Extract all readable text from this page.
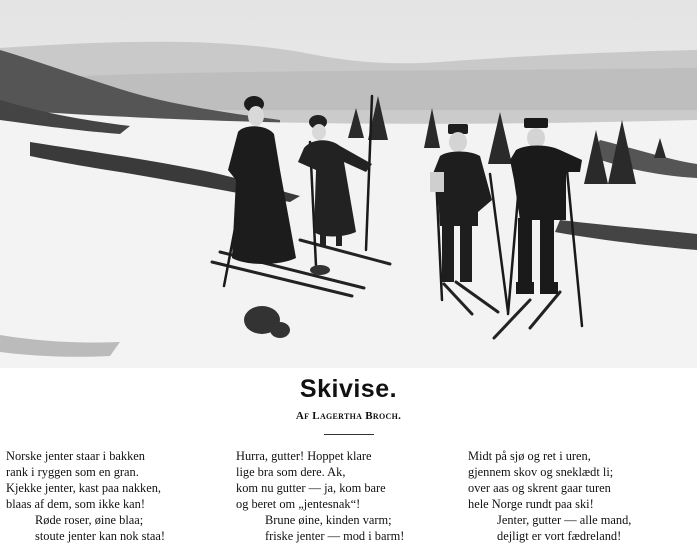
Skivise.
Af Lagertha Broch.
Norske jenter staar i bakken
rank i ryggen som en gran.
Kjekke jenter, kast paa nakken,
blaas af dem, som ikke kan!
Røde roser, øine blaa;
stoute jenter kan nok staa!
Hurra, gutter! Hoppet klare
lige bra som dere. Ak,
kom nu gutter — ja, kom bare
og beret om „jentesnak“!
Brune øine, kinden varm;
friske jenter — mod i barm!
Midt på sjø og ret i uren,
gjennem skov og sneklædt li;
over aas og skrent gaar turen
hele Norge rundt paa ski!
Jenter, gutter — alle mand,
dejligt er vort fædreland!
